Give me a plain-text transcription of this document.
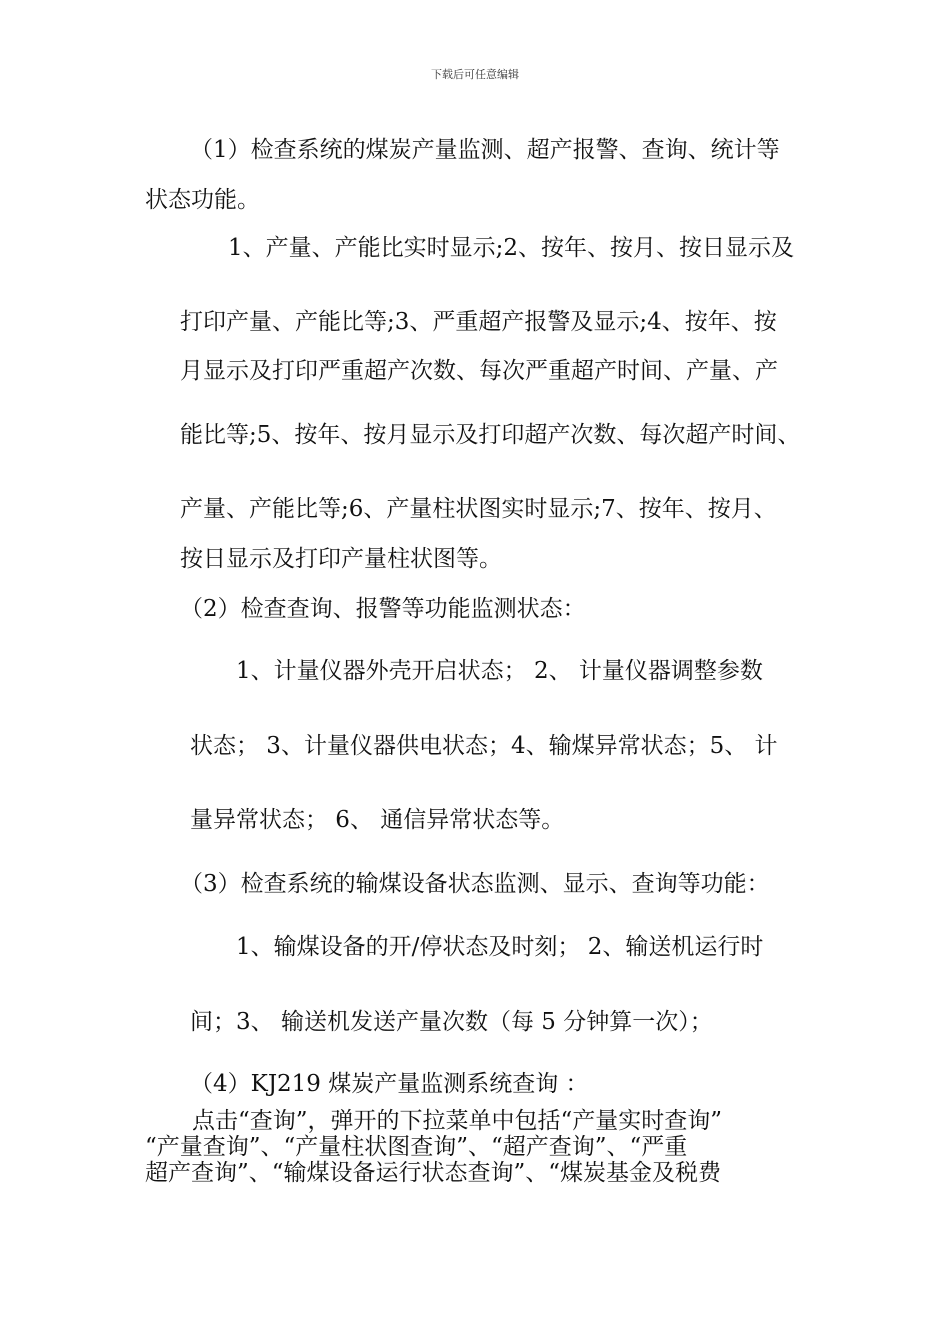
下载后可任意编辑
（1）检查系统的煤炭产量监测、超产报警、查询、统计等
状态功能。
1、产量、产能比实时显示;2、按年、按月、按日显示及
打印产量、产能比等;3、严重超产报警及显示;4、按年、按
月显示及打印严重超产次数、每次严重超产时间、产量、产
能比等;5、按年、按月显示及打印超产次数、每次超产时间、
产量、产能比等;6、产量柱状图实时显示;7、按年、按月、
按日显示及打印产量柱状图等。
（2）检查查询、报警等功能监测状态：
1、计量仪器外壳开启状态； 2、 计量仪器调整参数
状态； 3、计量仪器供电状态；4、输煤异常状态；5、 计
量异常状态； 6、 通信异常状态等。
（3）检查系统的输煤设备状态监测、显示、查询等功能：
1、输煤设备的开/停状态及时刻； 2、输送机运行时
间；3、 输送机发送产量次数（每 5 分钟算一次）；
（4）KJ219 煤炭产量监测系统查询 ：
点击“查询”，弹开的下拉菜单中包括“产量实时查询”
“产量查询”、“产量柱状图查询”、“超产查询”、“严重
超产查询”、“输煤设备运行状态查询”、“煤炭基金及税费
